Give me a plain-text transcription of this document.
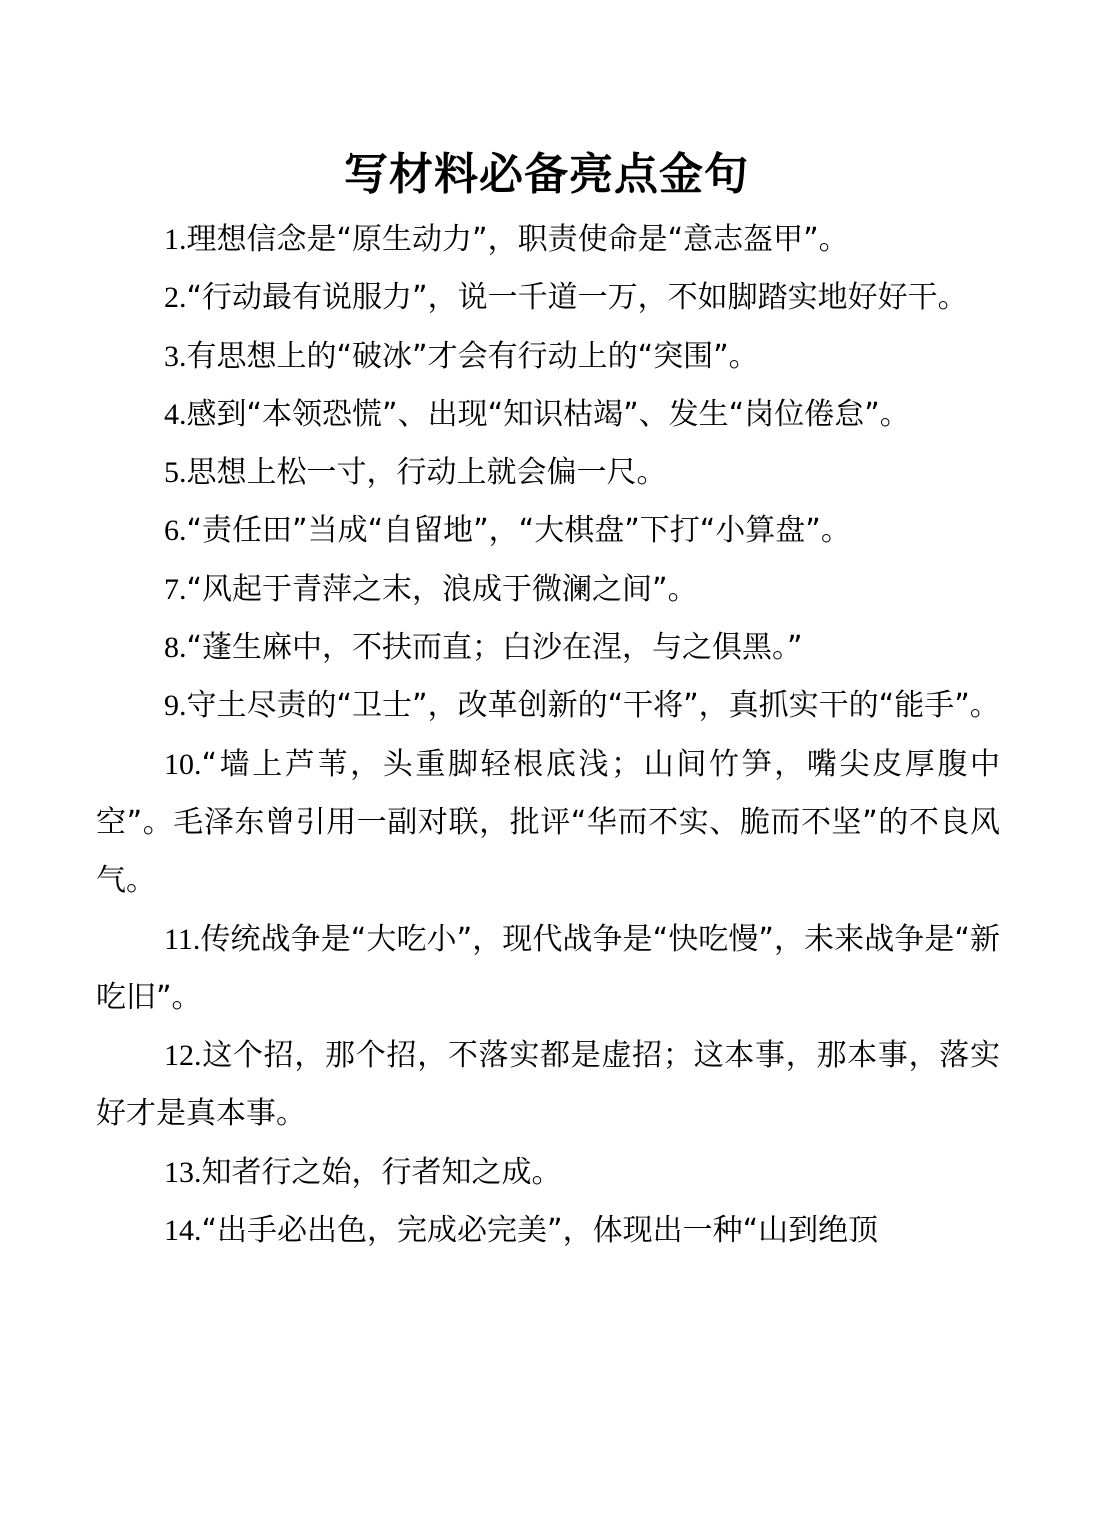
写材料必备亮点金句

1.理想信念是“原生动力”，职责使命是“意志盔甲”。

2.“行动最有说服力”，说一千道一万，不如脚踏实地好好干。

3.有思想上的“破冰”才会有行动上的“突围”。

4.感到“本领恐慌”、出现“知识枯竭”、发生“岗位倦怠”。

5.思想上松一寸，行动上就会偏一尺。

6.“责任田”当成“自留地”，“大棋盘”下打“小算盘”。

7.“风起于青萍之末，浪成于微澜之间”。

8.“蓬生麻中，不扶而直；白沙在涅，与之俱黑。”

9.守土尽责的“卫士”，改革创新的“干将”，真抓实干的“能手”。

10.“墙上芦苇，头重脚轻根底浅；山间竹笋，嘴尖皮厚腹中空”。毛泽东曾引用一副对联，批评“华而不实、脆而不坚”的不良风气。

11.传统战争是“大吃小”，现代战争是“快吃慢”，未来战争是“新吃旧”。

12.这个招，那个招，不落实都是虚招；这本事，那本事，落实好才是真本事。

13.知者行之始，行者知之成。

14.“出手必出色，完成必完美”，体现出一种“山到绝顶
